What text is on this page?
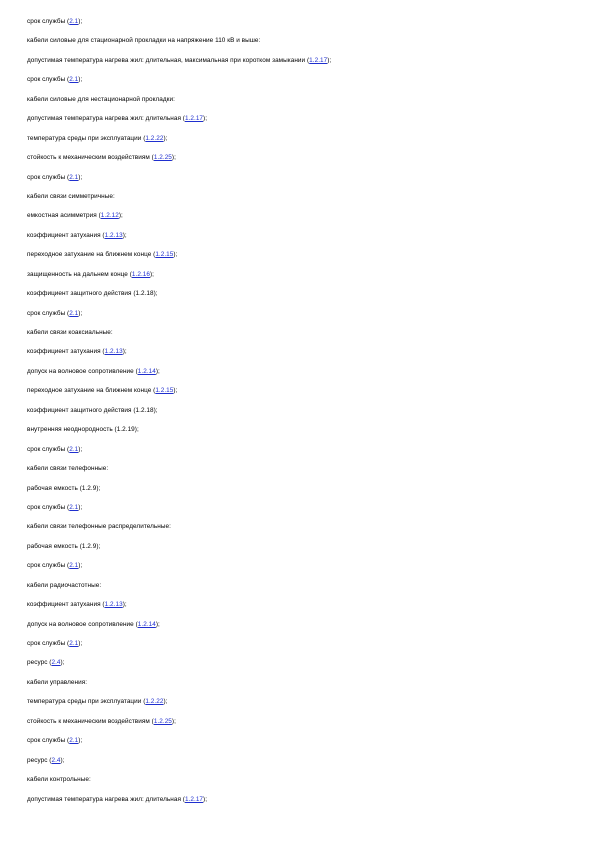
срок службы (2.1);
кабели силовые для стационарной прокладки на напряжение 110 кВ и выше:
допустимая температура нагрева жил: длительная, максимальная при коротком замыкании (1.2.17);
срок службы (2.1);
кабели силовые для нестационарной прокладки:
допустимая температура нагрева жил: длительная (1.2.17);
температура среды при эксплуатации (1.2.22);
стойкость к механическим воздействиям (1.2.25);
срок службы (2.1);
кабели связи симметричные:
емкостная асимметрия (1.2.12);
коэффициент затухания (1.2.13);
переходное затухание на ближнем конце (1.2.15);
защищенность на дальнем конце (1.2.16);
коэффициент защитного действия (1.2.18);
срок службы (2.1);
кабели связи коаксиальные:
коэффициент затухания (1.2.13);
допуск на волновое сопротивление (1.2.14);
переходное затухание на ближнем конце (1.2.15);
коэффициент защитного действия (1.2.18);
внутренняя неоднородность (1.2.19);
срок службы (2.1);
кабели связи телефонные:
рабочая емкость (1.2.9);
срок службы (2.1);
кабели связи телефонные распределительные:
рабочая емкость (1.2.9);
срок службы (2.1);
кабели радиочастотные:
коэффициент затухания (1.2.13);
допуск на волновое сопротивление (1.2.14);
срок службы (2.1);
ресурс (2.4);
кабели управления:
температура среды при эксплуатации (1.2.22);
стойкость к механическим воздействиям (1.2.25);
срок службы (2.1);
ресурс (2.4);
кабели контрольные:
допустимая температура нагрева жил: длительная (1.2.17);
